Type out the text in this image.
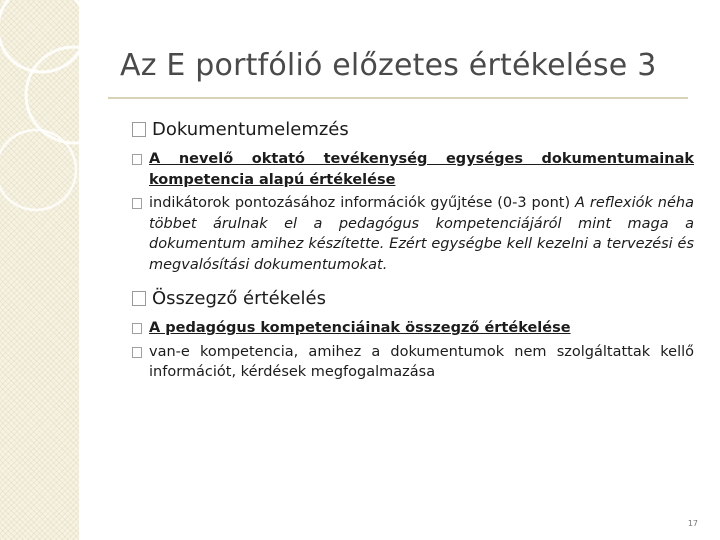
Az E portfólió előzetes értékelése 3
Dokumentumelemzés
A nevelő oktató tevékenység egységes dokumentumainak kompetencia alapú értékelése
indikátorok pontozásához információk gyűjtése (0-3 pont) A reflexiók néha többet árulnak el a pedagógus kompetenciájáról mint maga a dokumentum amihez készítette. Ezért egységbe kell kezelni a tervezési és megvalósítási dokumentumokat.
Összegző értékelés
A pedagógus kompetenciáinak összegző értékelése
van-e kompetencia, amihez a dokumentumok nem szolgáltattak kellő információt, kérdések megfogalmazása
17
